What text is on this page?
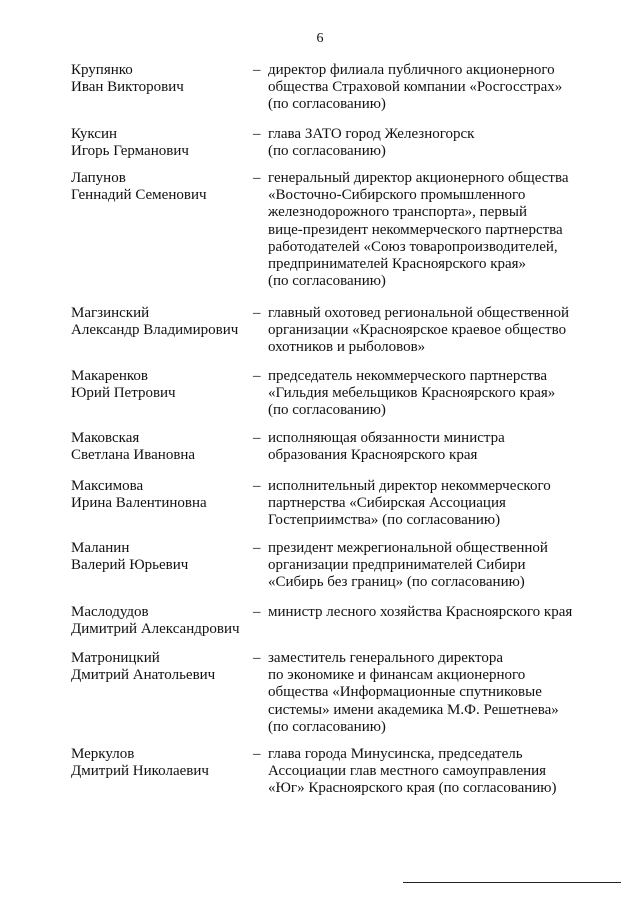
6
Крупянко
Иван Викторович
– директор филиала публичного акционерного
общества Страховой компании «Росгосстрах»
(по согласованию)
Куксин
Игорь Германович
– глава ЗАТО город Железногорск
(по согласованию)
Лапунов
Геннадий Семенович
– генеральный директор акционерного общества
«Восточно-Сибирского промышленного
железнодорожного транспорта», первый
вице-президент некоммерческого партнерства
работодателей «Союз товаропроизводителей,
предпринимателей Красноярского края»
(по согласованию)
Магзинский
Александр Владимирович
– главный охотовед региональной общественной
организации «Красноярское краевое общество
охотников и рыболовов»
Макаренков
Юрий Петрович
– председатель некоммерческого партнерства
«Гильдия мебельщиков Красноярского края»
(по согласованию)
Маковская
Светлана Ивановна
– исполняющая обязанности министра
образования Красноярского края
Максимова
Ирина Валентиновна
– исполнительный директор некоммерческого
партнерства «Сибирская Ассоциация
Гостеприимства» (по согласованию)
Маланин
Валерий Юрьевич
– президент межрегиональной общественной
организации предпринимателей Сибири
«Сибирь без границ» (по согласованию)
Маслодудов
Димитрий Александрович
– министр лесного хозяйства Красноярского края
Матроницкий
Дмитрий Анатольевич
– заместитель генерального директора
по экономике и финансам акционерного
общества «Информационные спутниковые
системы» имени академика М.Ф. Решетнева»
(по согласованию)
Меркулов
Дмитрий Николаевич
– глава города Минусинска, председатель
Ассоциации глав местного самоуправления
«Юг» Красноярского края (по согласованию)
